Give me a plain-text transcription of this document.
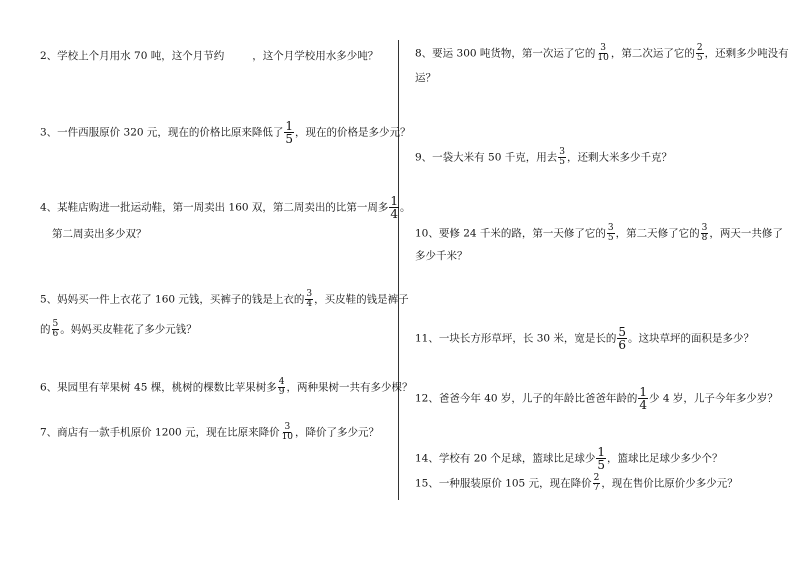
2、学校上个月用水 70 吨，这个月节约	，这个月学校用水多少吨？
3、一件西服原价 320 元，现在的价格比原来降低了 $\frac{1}{5}$ ，现在的价格是多少元？
4、某鞋店购进一批运动鞋，第一周卖出 160 双，第二周卖出的比第一周多 $\frac{1}{4}$ 。
第二周卖出多少双？
5、妈妈买一件上衣花了 160 元钱，买裤子的钱是上衣的 $\frac{3}{4}$ ，买皮鞋的钱是裤子
的 $\frac{5}{6}$ 。妈妈买皮鞋花了多少元钱？
6、果园里有苹果树 45 棵，桃树的棵数比苹果树多 $\frac{4}{9}$ ，两种果树一共有多少棵？
7、商店有一款手机原价 1200 元，现在比原来降价 $\frac{3}{10}$ ，降价了多少元？
8、要运 300 吨货物，第一次运了它的 $\frac{3}{10}$ ，第二次运了它的 $\frac{2}{5}$ ，还剩多少吨没有
运？
9、一袋大米有 50 千克，用去 $\frac{3}{5}$ ，还剩大米多少千克？
10、要修 24 千米的路，第一天修了它的 $\frac{3}{5}$ ，第二天修了它的 $\frac{3}{8}$ ，两天一共修了
多少千米？
11、一块长方形草坪，长 30 米，宽是长的 $\frac{5}{6}$ 。这块草坪的面积是多少？
12、爸爸今年 40 岁，儿子的年龄比爸爸年龄的 $\frac{1}{4}$ 少 4 岁，儿子今年多少岁？
14、学校有 20 个足球，篮球比足球少 $\frac{1}{5}$ ，篮球比足球少多少个？
15、一种服装原价 105 元，现在降价 $\frac{2}{7}$ ，现在售价比原价少多少元？
